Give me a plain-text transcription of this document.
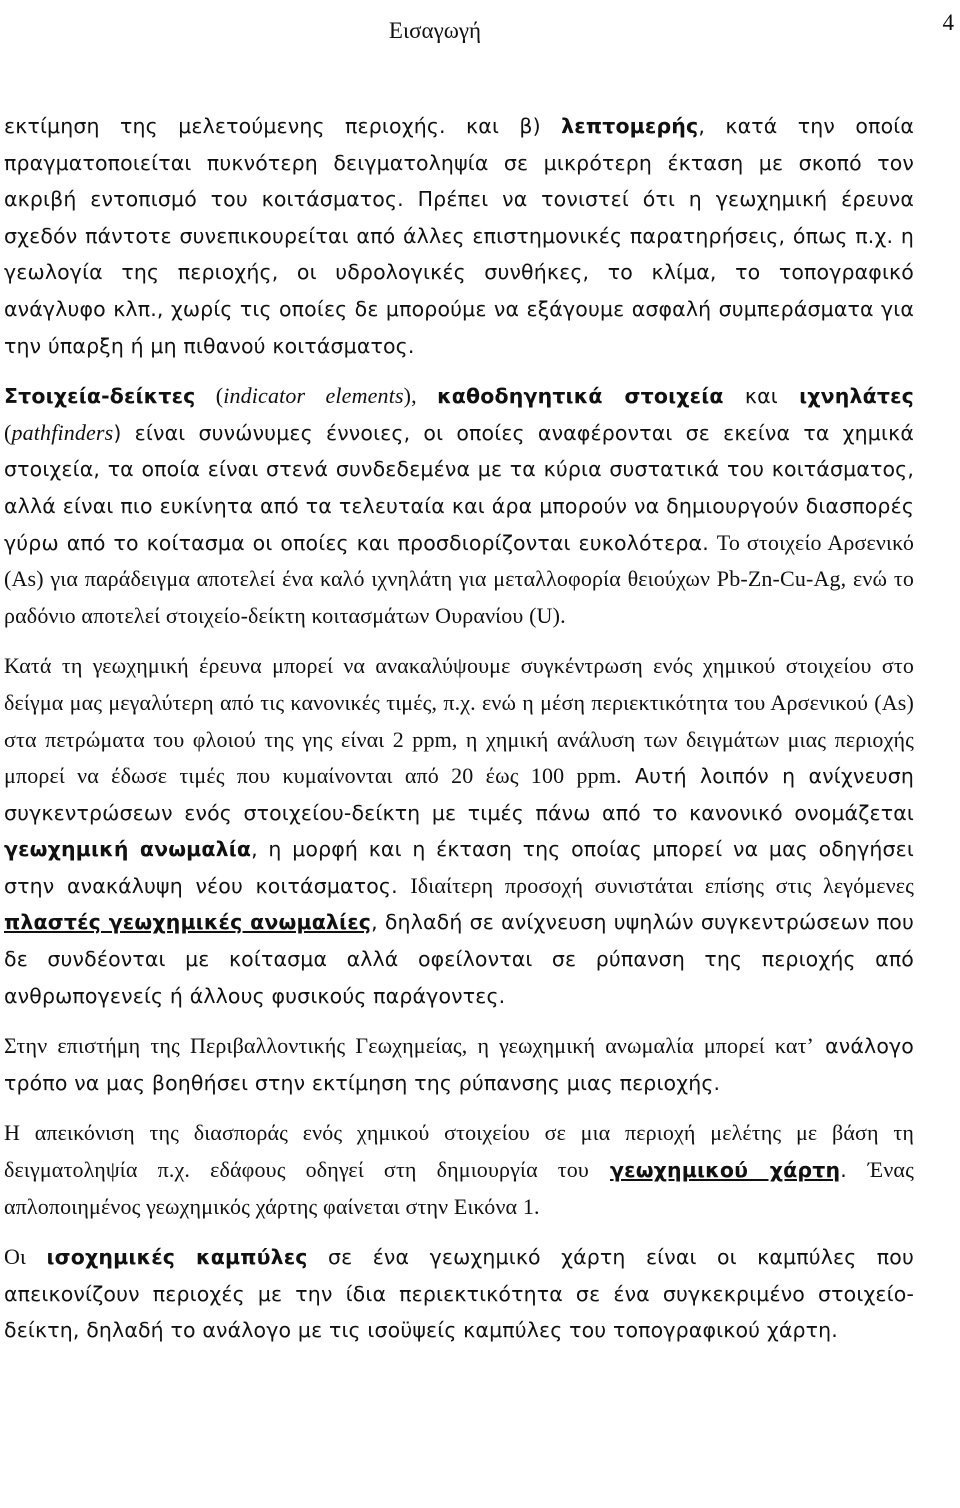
Εισαγωγή	4

εκτίμηση της μελετούμενης περιοχής. και β) λεπτομερής, κατά την οποία πραγματοποιείται πυκνότερη δειγματοληψία σε μικρότερη έκταση με σκοπό τον ακριβή εντοπισμό του κοιτάσματος. Πρέπει να τονιστεί ότι η γεωχημική έρευνα σχεδόν πάντοτε συνεπικουρείται από άλλες επιστημονικές παρατηρήσεις, όπως π.χ. η γεωλογία της περιοχής, οι υδρολογικές συνθήκες, το κλίμα, το τοπογραφικό ανάγλυφο κλπ., χωρίς τις οποίες δε μπορούμε να εξάγουμε ασφαλή συμπεράσματα για την ύπαρξη ή μη πιθανού κοιτάσματος.

Στοιχεία-δείκτες (indicator elements), καθοδηγητικά στοιχεία και ιχνηλάτες (pathfinders) είναι συνώνυμες έννοιες, οι οποίες αναφέρονται σε εκείνα τα χημικά στοιχεία, τα οποία είναι στενά συνδεδεμένα με τα κύρια συστατικά του κοιτάσματος, αλλά είναι πιο ευκίνητα από τα τελευταία και άρα μπορούν να δημιουργούν διασπορές γύρω από το κοίτασμα οι οποίες και προσδιορίζονται ευκολότερα. Το στοιχείο Αρσενικό (As) για παράδειγμα αποτελεί ένα καλό ιχνηλάτη για μεταλλοφορία θειούχων Pb-Zn-Cu-Ag, ενώ το ραδόνιο αποτελεί στοιχείο-δείκτη κοιτασμάτων Ουρανίου (U).

Κατά τη γεωχημική έρευνα μπορεί να ανακαλύψουμε συγκέντρωση ενός χημικού στοιχείου στο δείγμα μας μεγαλύτερη από τις κανονικές τιμές, π.χ. ενώ η μέση περιεκτικότητα του Αρσενικού (As) στα πετρώματα του φλοιού της γης είναι 2 ppm, η χημική ανάλυση των δειγμάτων μιας περιοχής μπορεί να έδωσε τιμές που κυμαίνονται από 20 έως 100 ppm. Αυτή λοιπόν η ανίχνευση συγκεντρώσεων ενός στοιχείου-δείκτη με τιμές πάνω από το κανονικό ονομάζεται γεωχημική ανωμαλία, η μορφή και η έκταση της οποίας μπορεί να μας οδηγήσει στην ανακάλυψη νέου κοιτάσματος. Ιδιαίτερη προσοχή συνιστάται επίσης στις λεγόμενες πλαστές γεωχημικές ανωμαλίες, δηλαδή σε ανίχνευση υψηλών συγκεντρώσεων που δε συνδέονται με κοίτασμα αλλά οφείλονται σε ρύπανση της περιοχής από ανθρωπογενείς ή άλλους φυσικούς παράγοντες.

Στην επιστήμη της Περιβαλλοντικής Γεωχημείας, η γεωχημική ανωμαλία μπορεί κατ’ ανάλογο τρόπο να μας βοηθήσει στην εκτίμηση της ρύπανσης μιας περιοχής.

Η απεικόνιση της διασποράς ενός χημικού στοιχείου σε μια περιοχή μελέτης με βάση τη δειγματοληψία π.χ. εδάφους οδηγεί στη δημιουργία του γεωχημικού χάρτη. Ένας απλοποιημένος γεωχημικός χάρτης φαίνεται στην Εικόνα 1.

Οι ισοχημικές καμπύλες σε ένα γεωχημικό χάρτη είναι οι καμπύλες που απεικονίζουν περιοχές με την ίδια περιεκτικότητα σε ένα συγκεκριμένο στοιχείο-δείκτη, δηλαδή το ανάλογο με τις ισοϋψείς καμπύλες του τοπογραφικού χάρτη.
